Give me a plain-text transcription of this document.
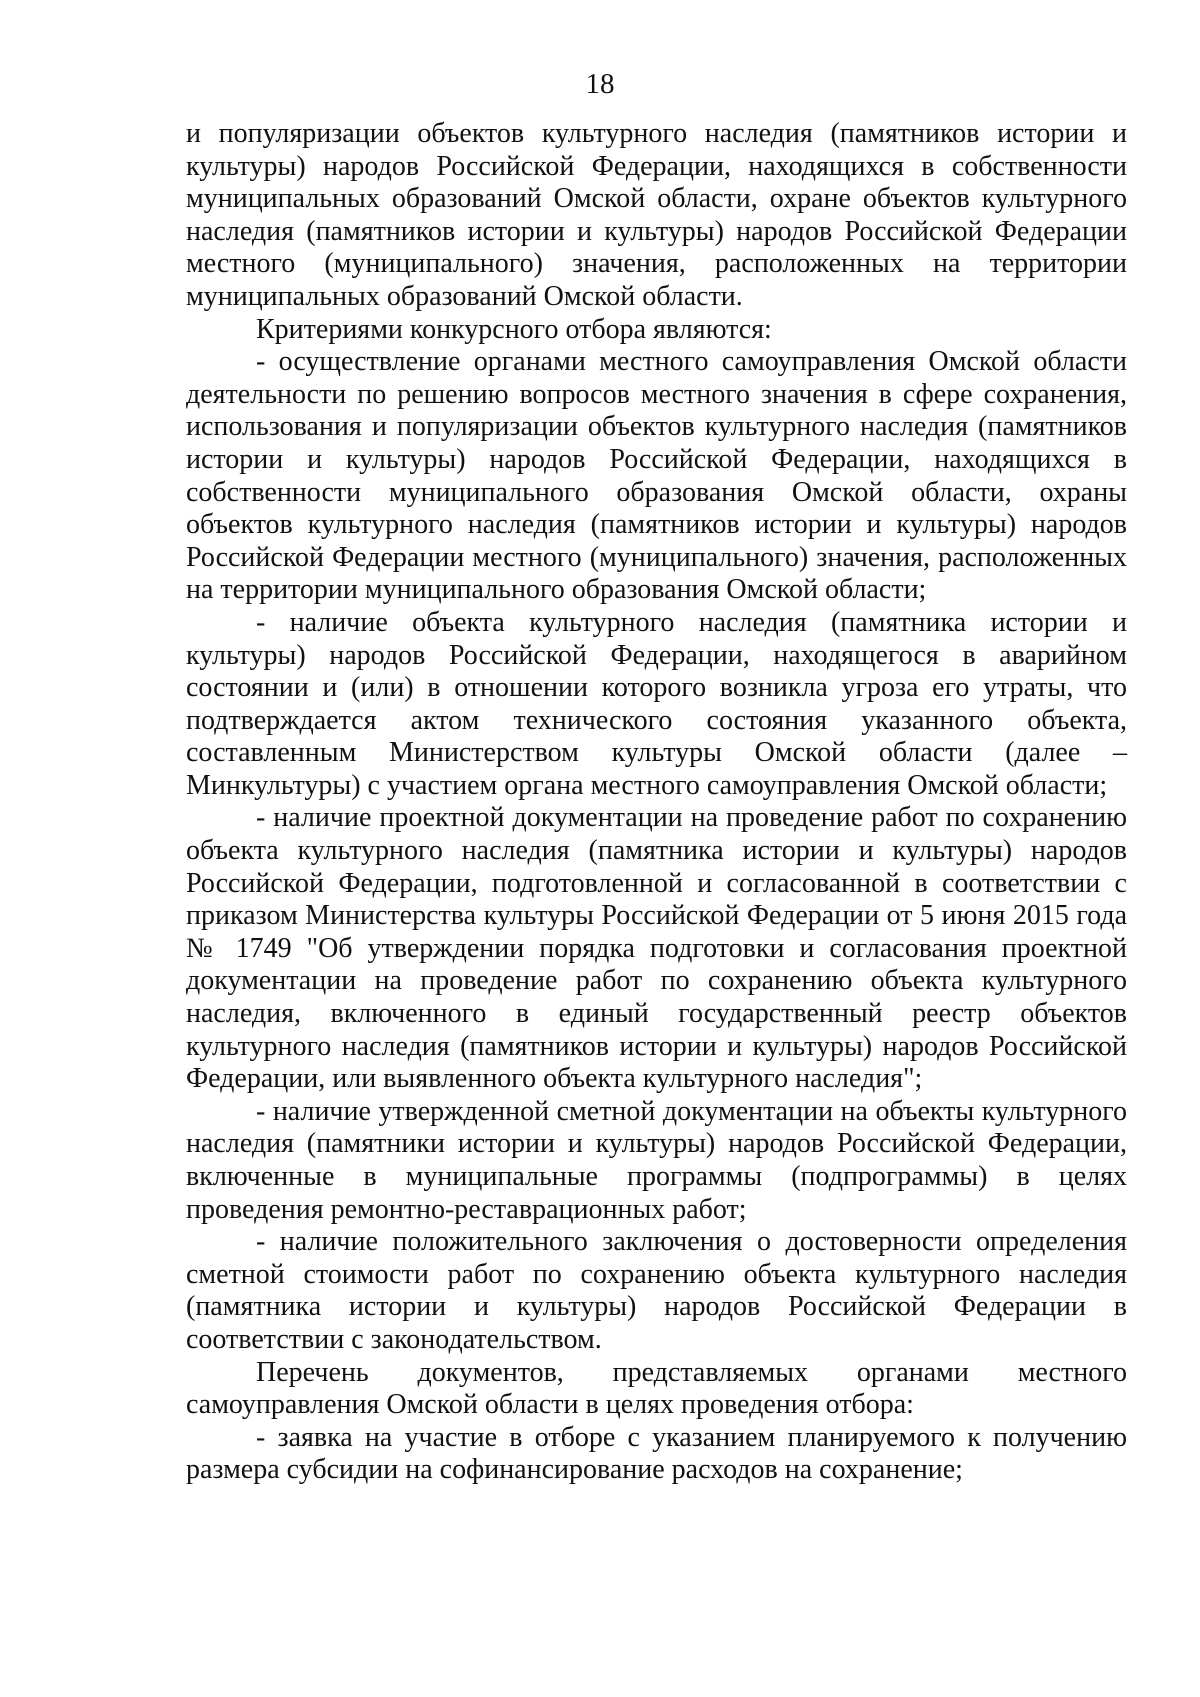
18

и популяризации объектов культурного наследия (памятников истории и культуры) народов Российской Федерации, находящихся в собственности муниципальных образований Омской области, охране объектов культурного наследия (памятников истории и культуры) народов Российской Федерации местного (муниципального) значения, расположенных на территории муниципальных образований Омской области.

Критериями конкурсного отбора являются:

- осуществление органами местного самоуправления Омской области деятельности по решению вопросов местного значения в сфере сохранения, использования и популяризации объектов культурного наследия (памятников истории и культуры) народов Российской Федерации, находящихся в собственности муниципального образования Омской области, охраны объектов культурного наследия (памятников истории и культуры) народов Российской Федерации местного (муниципального) значения, расположенных на территории муниципального образования Омской области;

- наличие объекта культурного наследия (памятника истории и культуры) народов Российской Федерации, находящегося в аварийном состоянии и (или) в отношении которого возникла угроза его утраты, что подтверждается актом технического состояния указанного объекта, составленным Министерством культуры Омской области (далее – Минкультуры) с участием органа местного самоуправления Омской области;

- наличие проектной документации на проведение работ по сохранению объекта культурного наследия (памятника истории и культуры) народов Российской Федерации, подготовленной и согласованной в соответствии с приказом Министерства культуры Российской Федерации от 5 июня 2015 года № 1749 "Об утверждении порядка подготовки и согласования проектной документации на проведение работ по сохранению объекта культурного наследия, включенного в единый государственный реестр объектов культурного наследия (памятников истории и культуры) народов Российской Федерации, или выявленного объекта культурного наследия";

- наличие утвержденной сметной документации на объекты культурного наследия (памятники истории и культуры) народов Российской Федерации, включенные в муниципальные программы (подпрограммы) в целях проведения ремонтно-реставрационных работ;

- наличие положительного заключения о достоверности определения сметной стоимости работ по сохранению объекта культурного наследия (памятника истории и культуры) народов Российской Федерации в соответствии с законодательством.

Перечень документов, представляемых органами местного самоуправления Омской области в целях проведения отбора:

- заявка на участие в отборе с указанием планируемого к получению размера субсидии на софинансирование расходов на сохранение;
